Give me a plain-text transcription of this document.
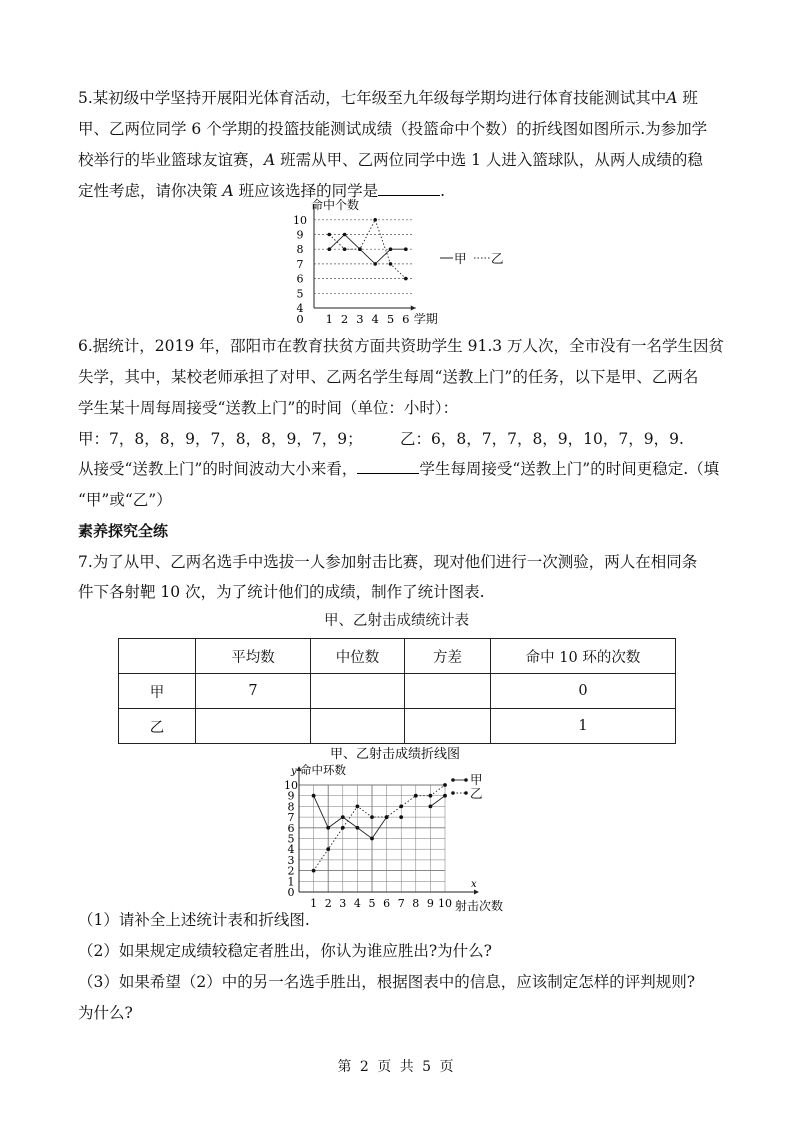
5.某初级中学坚持开展阳光体育活动，七年级至九年级每学期均进行体育技能测试其中A 班
甲、乙两位同学 6 个学期的投篮技能测试成绩（投篮命中个数）的折线图如图所示.为参加学
校举行的毕业篮球友谊赛，A 班需从甲、乙两位同学中选 1 人进入篮球队，从两人成绩的稳
定性考虑，请你决策 A 班应该选择的同学是	.
命中个数
4
5
6
7
8
9
10
0 1 2 3 4 5 6 学期
甲 乙
6.据统计，2019 年，邵阳市在教育扶贫方面共资助学生 91.3 万人次，全市没有一名学生因贫
失学，其中，某校老师承担了对甲、乙两名学生每周“送教上门”的任务，以下是甲、乙两名
学生某十周每周接受“送教上门”的时间（单位：小时）：
甲：7，8，8，9，7，8，8，9，7，9； 乙：6，8，7，7，8，9，10，7，9，9.
从接受“送教上门”的时间波动大小来看，	学生每周接受“送教上门”的时间更稳定.（填
“甲”或“乙”）
素养探究全练
7.为了从甲、乙两名选手中选拔一人参加射击比赛，现对他们进行一次测验，两人在相同条
件下各射靶 10 次，为了统计他们的成绩，制作了统计图表.
甲、乙射击成绩统计表
	平均数	中位数	方差	命中 10 环的次数
甲	7			0
乙				1
甲、乙射击成绩折线图
y 命中环数
x
0
1
2
3
4
5
6
7
8
9
10
1 2 3 4 5 6 7 8 9 10 射击次数
甲
乙
（1）请补全上述统计表和折线图.
（2）如果规定成绩较稳定者胜出，你认为谁应胜出?为什么?
（3）如果希望（2）中的另一名选手胜出，根据图表中的信息，应该制定怎样的评判规则?
为什么?
第 2 页 共 5 页
